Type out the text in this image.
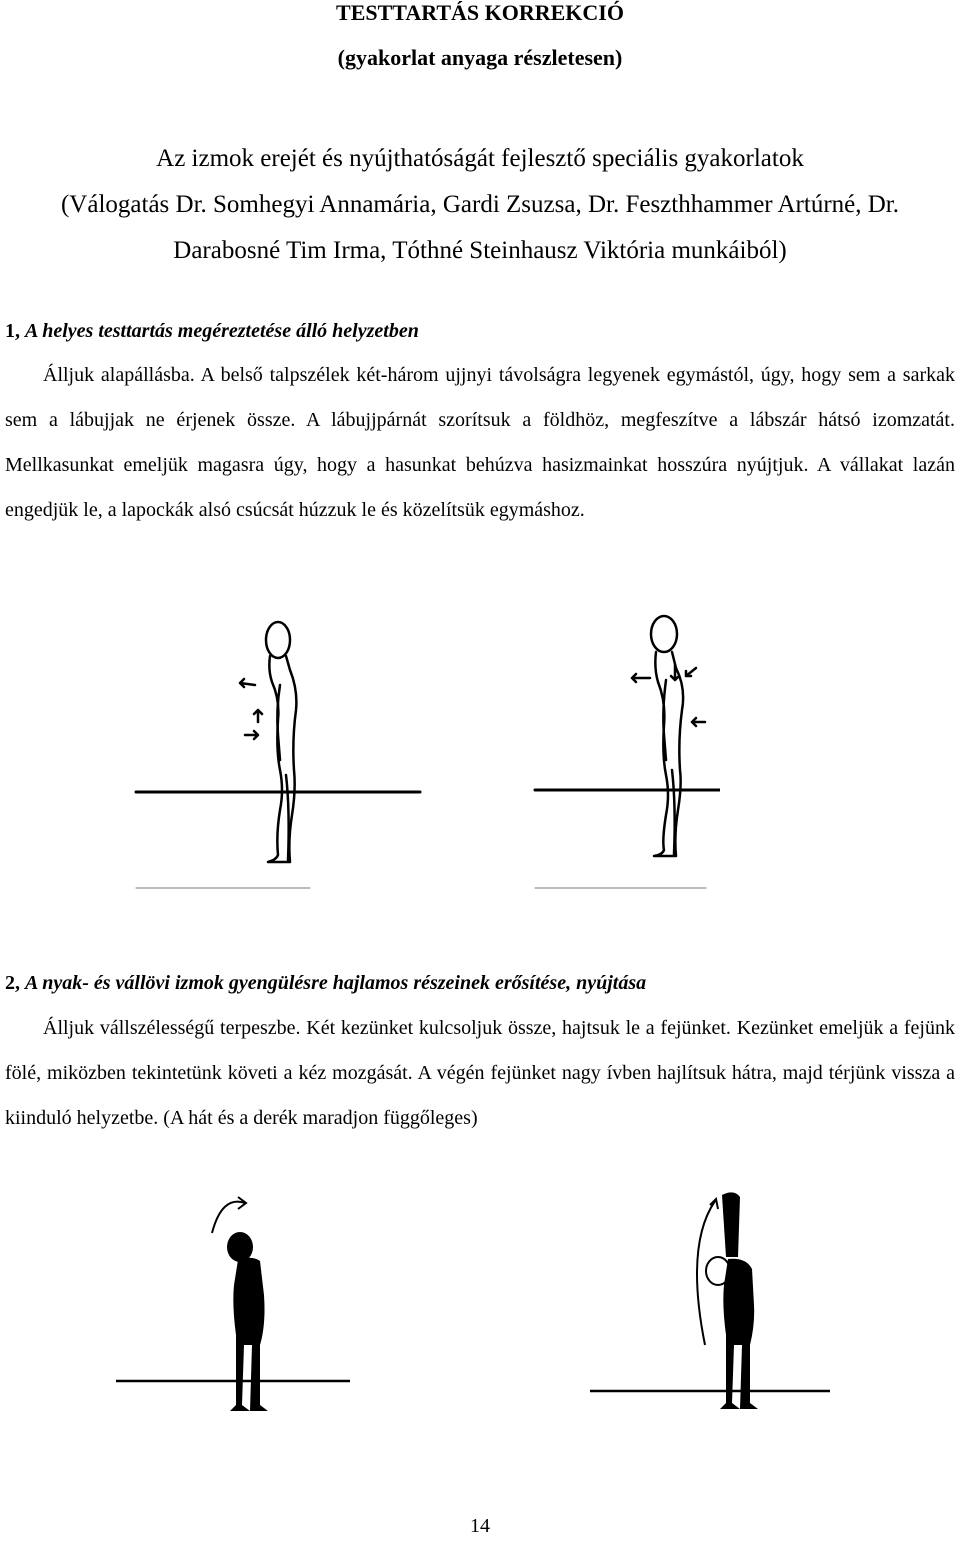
TESTTARTÁS KORREKCIÓ
(gyakorlat anyaga részletesen)
Az izmok erejét és nyújthatóságát fejlesztő speciális gyakorlatok
(Válogatás Dr. Somhegyi Annamária, Gardi Zsuzsa, Dr. Feszthhammer Artúrné, Dr.
Darabosné Tim Irma, Tóthné Steinhausz Viktória munkáiból)
1, A helyes testtartás megéreztetése álló helyzetben

Álljuk alapállásba. A belső talpszélek két-három ujjnyi távolságra legyenek egymástól, úgy, hogy sem a sarkak sem a lábujjak ne érjenek össze. A lábujjpárnát szorítsuk a földhöz, megfeszítve a lábszár hátsó izomzatát. Mellkasunkat emeljük magasra úgy, hogy a hasunkat behúzva hasizmainkat hosszúra nyújtjuk. A vállakat lazán engedjük le, a lapockák alsó csúcsát húzzuk le és közelítsük egymáshoz.

2, A nyak- és vállövi izmok gyengülésre hajlamos részeinek erősítése, nyújtása

Álljuk vállszélességű terpeszbe. Két kezünket kulcsoljuk össze, hajtsuk le a fejünket. Kezünket emeljük a fejünk fölé, miközben tekintetünk követi a kéz mozgását. A végén fejünket nagy ívben hajlítsuk hátra, majd térjünk vissza a kiinduló helyzetbe. (A hát és a derék maradjon függőleges)

14
